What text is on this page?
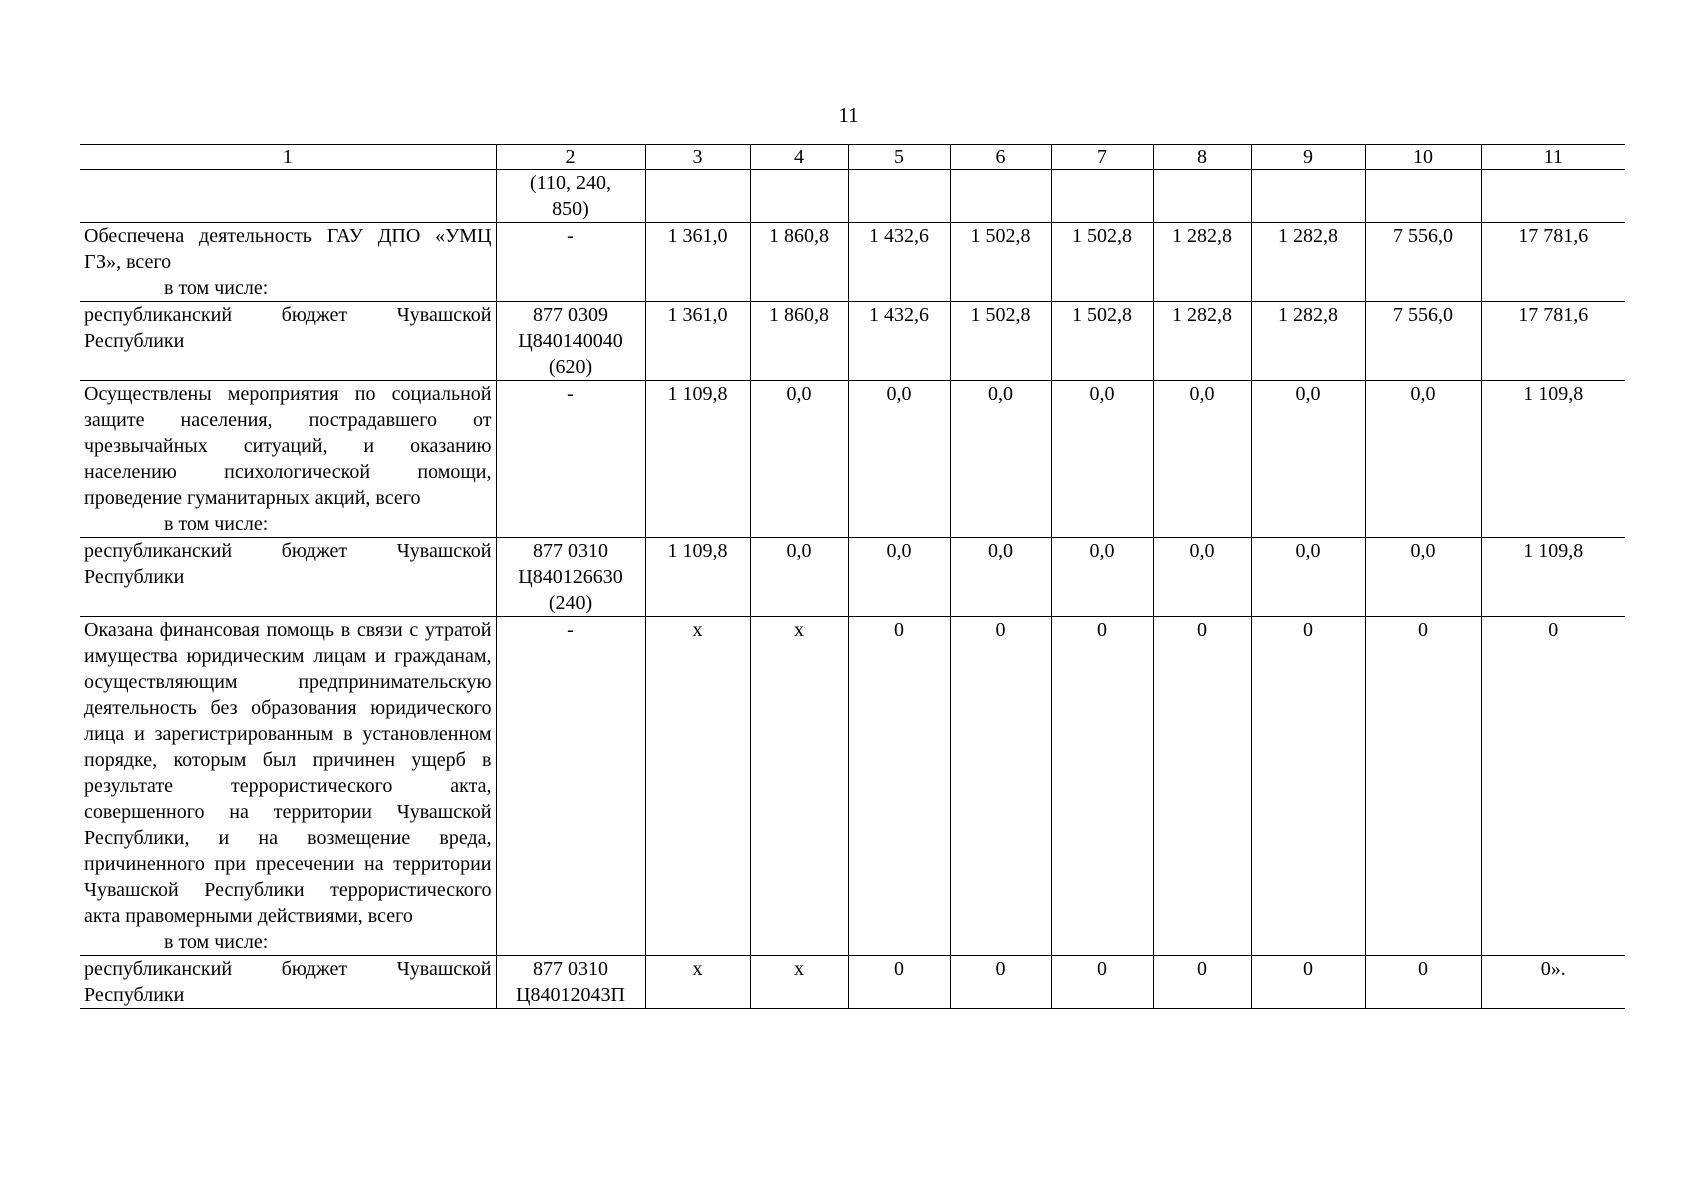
11
1	2	3	4	5	6	7	8	9	10	11

	(110, 240,
850)									

Обеспечена деятельность ГАУ ДПО «УМЦ ГЗ», всего
в том числе:	-	1 361,0	1 860,8	1 432,6	1 502,8	1 502,8	1 282,8	1 282,8	7 556,0	17 781,6

республиканский бюджет Чувашской Республики	877 0309
Ц840140040
(620)	1 361,0	1 860,8	1 432,6	1 502,8	1 502,8	1 282,8	1 282,8	7 556,0	17 781,6

Осуществлены мероприятия по социальной защите населения, пострадавшего от чрезвычайных ситуаций, и оказанию населению психологической помощи, проведение гуманитарных акций, всего
в том числе:	-	1 109,8	0,0	0,0	0,0	0,0	0,0	0,0	0,0	1 109,8

республиканский бюджет Чувашской Республики	877 0310
Ц840126630
(240)	1 109,8	0,0	0,0	0,0	0,0	0,0	0,0	0,0	1 109,8

Оказана финансовая помощь в связи с утратой имущества юридическим лицам и гражданам, осуществляющим предпринимательскую деятельность без образования юридического лица и зарегистрированным в установленном порядке, которым был причинен ущерб в результате террористического акта, совершенного на территории Чувашской Республики, и на возмещение вреда, причиненного при пресечении на территории Чувашской Республики террористического акта правомерными действиями, всего
в том числе:	-	х	х	0	0	0	0	0	0	0

республиканский бюджет Чувашской Республики	877 0310
Ц84012043П	х	х	0	0	0	0	0	0	0».
